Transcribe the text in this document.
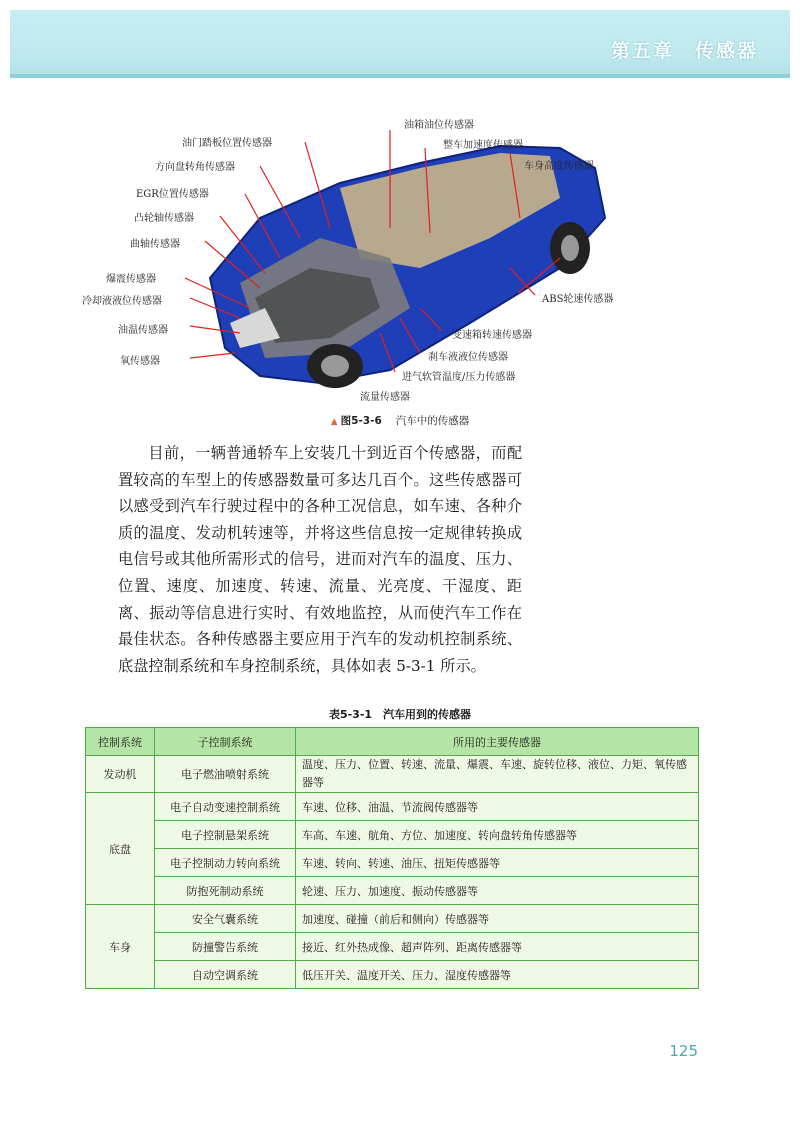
第五章　传感器
油门踏板位置传感器
方向盘转角传感器
EGR位置传感器
凸轮轴传感器
曲轴传感器
爆震传感器
冷却液液位传感器
油温传感器
氧传感器
油箱油位传感器
整车加速度传感器
车身高度传感器
ABS轮速传感器
变速箱转速传感器
刹车液液位传感器
进气软管温度/压力传感器
流量传感器
▲ 图5-3-6 汽车中的传感器

目前，一辆普通轿车上安装几十到近百个传感器，而配置较高的车型上的传感器数量可多达几百个。这些传感器可以感受到汽车行驶过程中的各种工况信息，如车速、各种介质的温度、发动机转速等，并将这些信息按一定规律转换成电信号或其他所需形式的信号，进而对汽车的温度、压力、位置、速度、加速度、转速、流量、光亮度、干湿度、距离、振动等信息进行实时、有效地监控，从而使汽车工作在最佳状态。各种传感器主要应用于汽车的发动机控制系统、底盘控制系统和车身控制系统，具体如表 5-3-1 所示。

表5-3-1　汽车用到的传感器
控制系统	子控制系统	所用的主要传感器
发动机	电子燃油喷射系统	温度、压力、位置、转速、流量、爆震、车速、旋转位移、液位、力矩、氧传感器等
底盘	电子自动变速控制系统	车速、位移、油温、节流阀传感器等
	电子控制悬架系统	车高、车速、航角、方位、加速度、转向盘转角传感器等
	电子控制动力转向系统	车速、转向、转速、油压、扭矩传感器等
	防抱死制动系统	轮速、压力、加速度、振动传感器等
车身	安全气囊系统	加速度、碰撞（前后和侧向）传感器等
	防撞警告系统	接近、红外热成像、超声阵列、距离传感器等
	自动空调系统	低压开关、温度开关、压力、湿度传感器等
125
